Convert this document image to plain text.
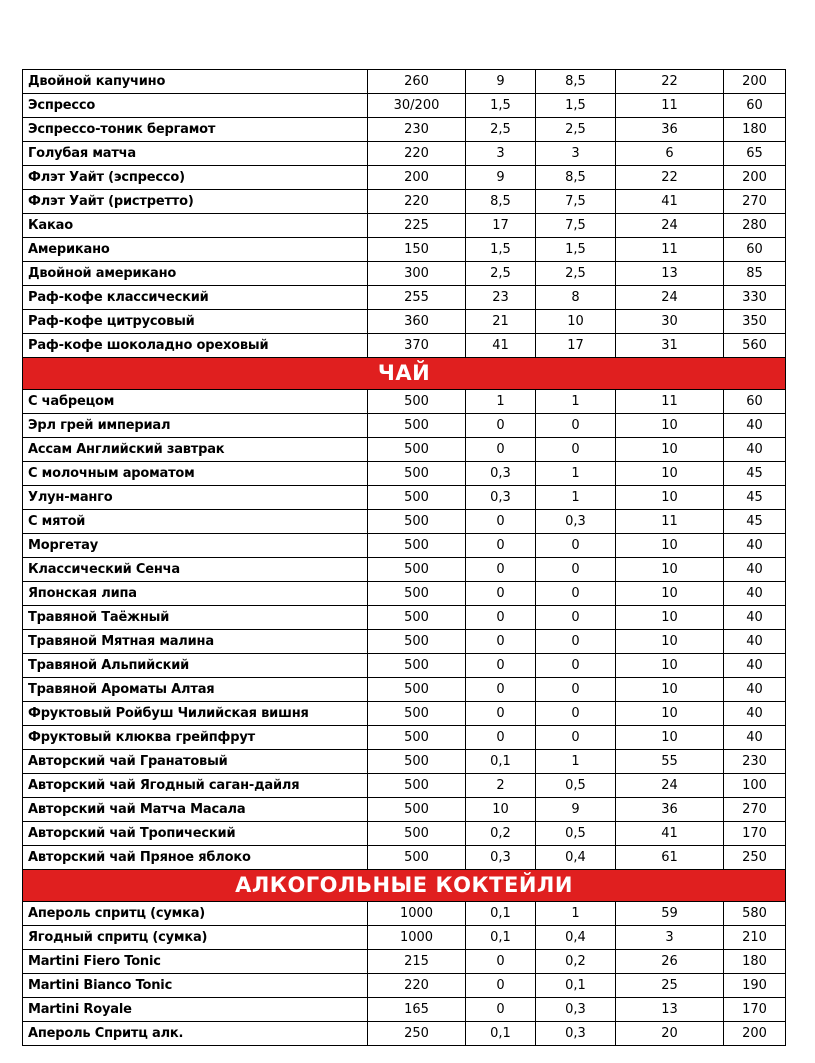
Двойной капучино	260	9	8,5	22	200
Эспрессо	30/200	1,5	1,5	11	60
Эспрессо-тоник бергамот	230	2,5	2,5	36	180
Голубая матча	220	3	3	6	65
Флэт Уайт (эспрессо)	200	9	8,5	22	200
Флэт Уайт (ристретто)	220	8,5	7,5	41	270
Какао	225	17	7,5	24	280
Американо	150	1,5	1,5	11	60
Двойной американо	300	2,5	2,5	13	85
Раф-кофе классический	255	23	8	24	330
Раф-кофе цитрусовый	360	21	10	30	350
Раф-кофе шоколадно ореховый	370	41	17	31	560
ЧАЙ					
С чабрецом	500	1	1	11	60
Эрл грей империал	500	0	0	10	40
Ассам Английский завтрак	500	0	0	10	40
С молочным ароматом	500	0,3	1	10	45
Улун-манго	500	0,3	1	10	45
С мятой	500	0	0,3	11	45
Моргетау	500	0	0	10	40
Классический Сенча	500	0	0	10	40
Японская липа	500	0	0	10	40
Травяной Таёжный	500	0	0	10	40
Травяной Мятная малина	500	0	0	10	40
Травяной Альпийский	500	0	0	10	40
Травяной Ароматы Алтая	500	0	0	10	40
Фруктовый Ройбуш Чилийская вишня	500	0	0	10	40
Фруктовый клюква грейпфрут	500	0	0	10	40
Авторский чай Гранатовый	500	0,1	1	55	230
Авторский чай Ягодный саган-дайля	500	2	0,5	24	100
Авторский чай Матча Масала	500	10	9	36	270
Авторский чай Тропический	500	0,2	0,5	41	170
Авторский чай Пряное яблоко	500	0,3	0,4	61	250
АЛКОГОЛЬНЫЕ КОКТЕЙЛИ					
Апероль спритц (сумка)	1000	0,1	1	59	580
Ягодный спритц (сумка)	1000	0,1	0,4	3	210
Martini Fiero Tonic	215	0	0,2	26	180
Martini Bianco Tonic	220	0	0,1	25	190
Martini Royale	165	0	0,3	13	170
Апероль Спритц алк.	250	0,1	0,3	20	200
